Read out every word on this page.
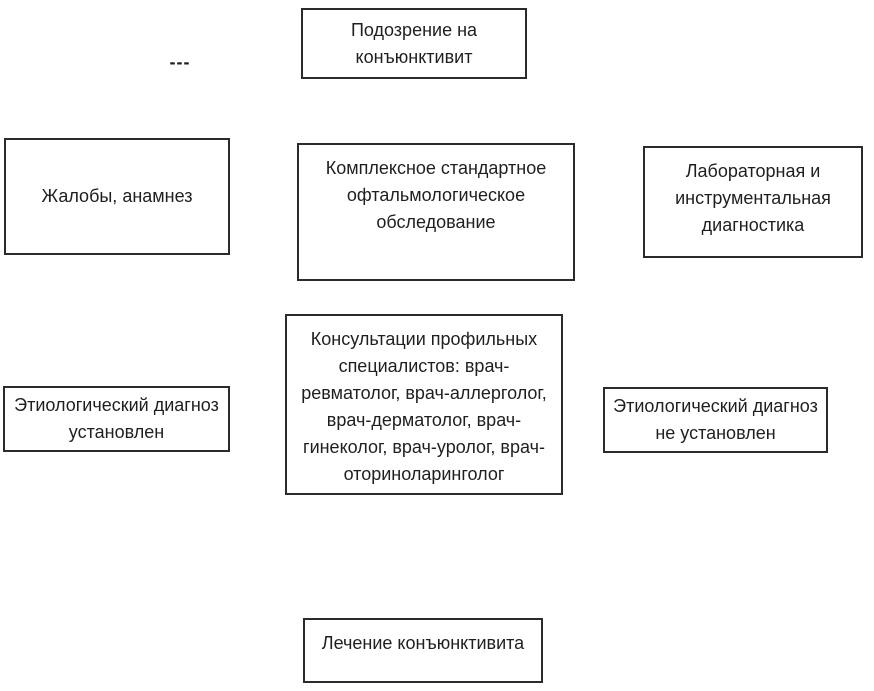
Подозрение на конъюнктивит
---
Жалобы, анамнез
Комплексное стандартное офтальмологическое обследование
Лабораторная и инструментальная диагностика
Консультации профильных специалистов: врач-ревматолог, врач-аллерголог, врач-дерматолог, врач-гинеколог, врач-уролог, врач-оториноларинголог
Этиологический диагноз установлен
Этиологический диагноз не установлен
Лечение конъюнктивита
